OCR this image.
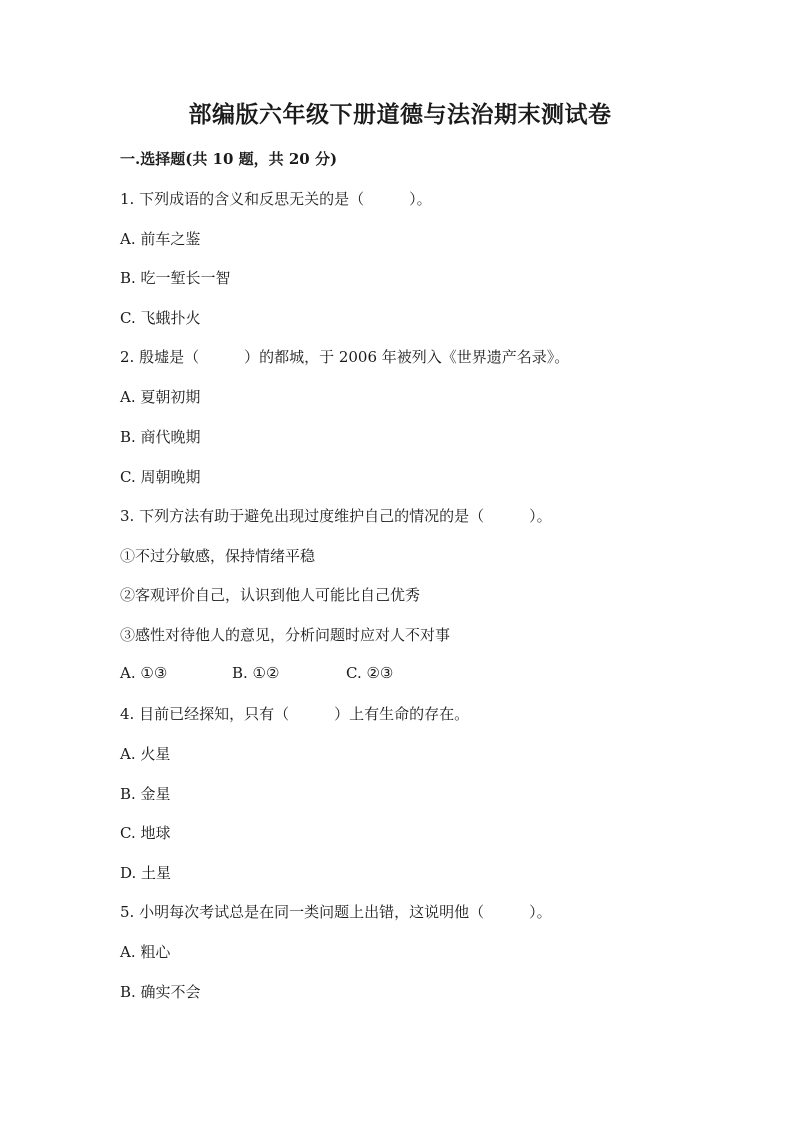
部编版六年级下册道德与法治期末测试卷
一.选择题(共 10 题，共 20 分)
1. 下列成语的含义和反思无关的是（　　　）。
A. 前车之鉴
B. 吃一堑长一智
C. 飞蛾扑火
2. 殷墟是（　　　）的都城，于 2006 年被列入《世界遗产名录》。
A. 夏朝初期
B. 商代晚期
C. 周朝晚期
3. 下列方法有助于避免出现过度维护自己的情况的是（　　　）。
①不过分敏感，保持情绪平稳
②客观评价自己，认识到他人可能比自己优秀
③感性对待他人的意见，分析问题时应对人不对事
A. ①③	B. ①②	C. ②③
4. 目前已经探知，只有（　　　）上有生命的存在。
A. 火星
B. 金星
C. 地球
D. 土星
5. 小明每次考试总是在同一类问题上出错，这说明他（　　　）。
A. 粗心
B. 确实不会
